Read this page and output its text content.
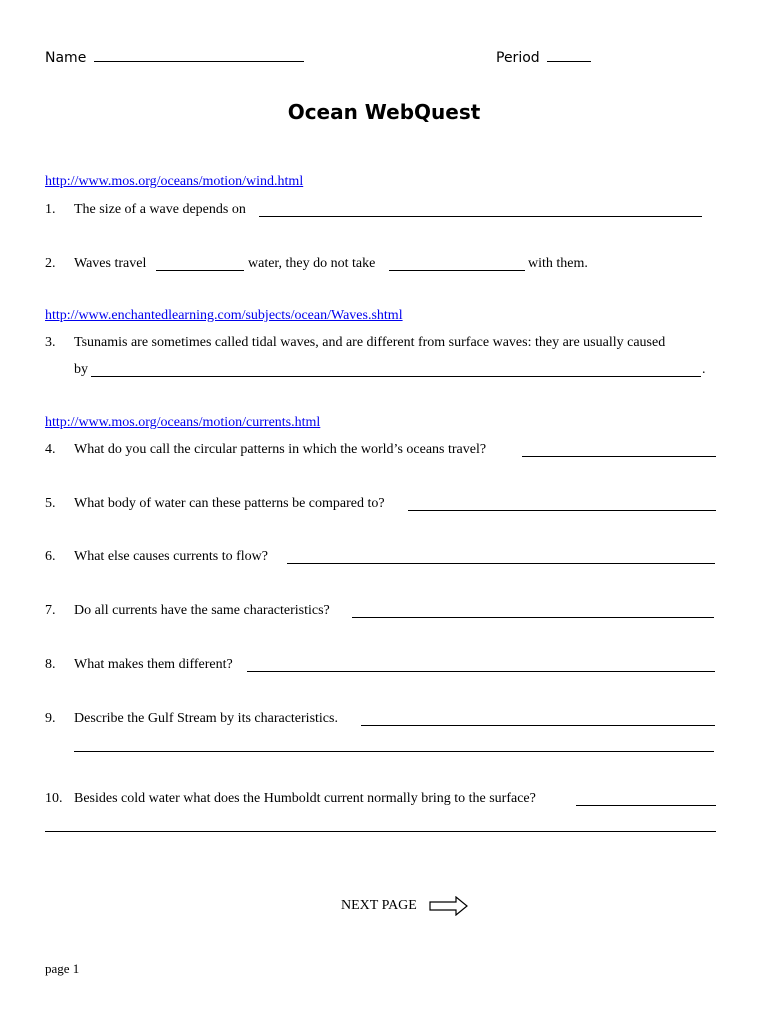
Name	Period
Ocean WebQuest
http://www.mos.org/oceans/motion/wind.html
1. The size of a wave depends on
2. Waves travel	water, they do not take	with them.
http://www.enchantedlearning.com/subjects/ocean/Waves.shtml
3. Tsunamis are sometimes called tidal waves, and are different from surface waves: they are usually caused
by	.
http://www.mos.org/oceans/motion/currents.html
4. What do you call the circular patterns in which the world’s oceans travel?
5. What body of water can these patterns be compared to?
6. What else causes currents to flow?
7. Do all currents have the same characteristics?
8. What makes them different?
9. Describe the Gulf Stream by its characteristics.
10. Besides cold water what does the Humboldt current normally bring to the surface?
NEXT PAGE
page 1
